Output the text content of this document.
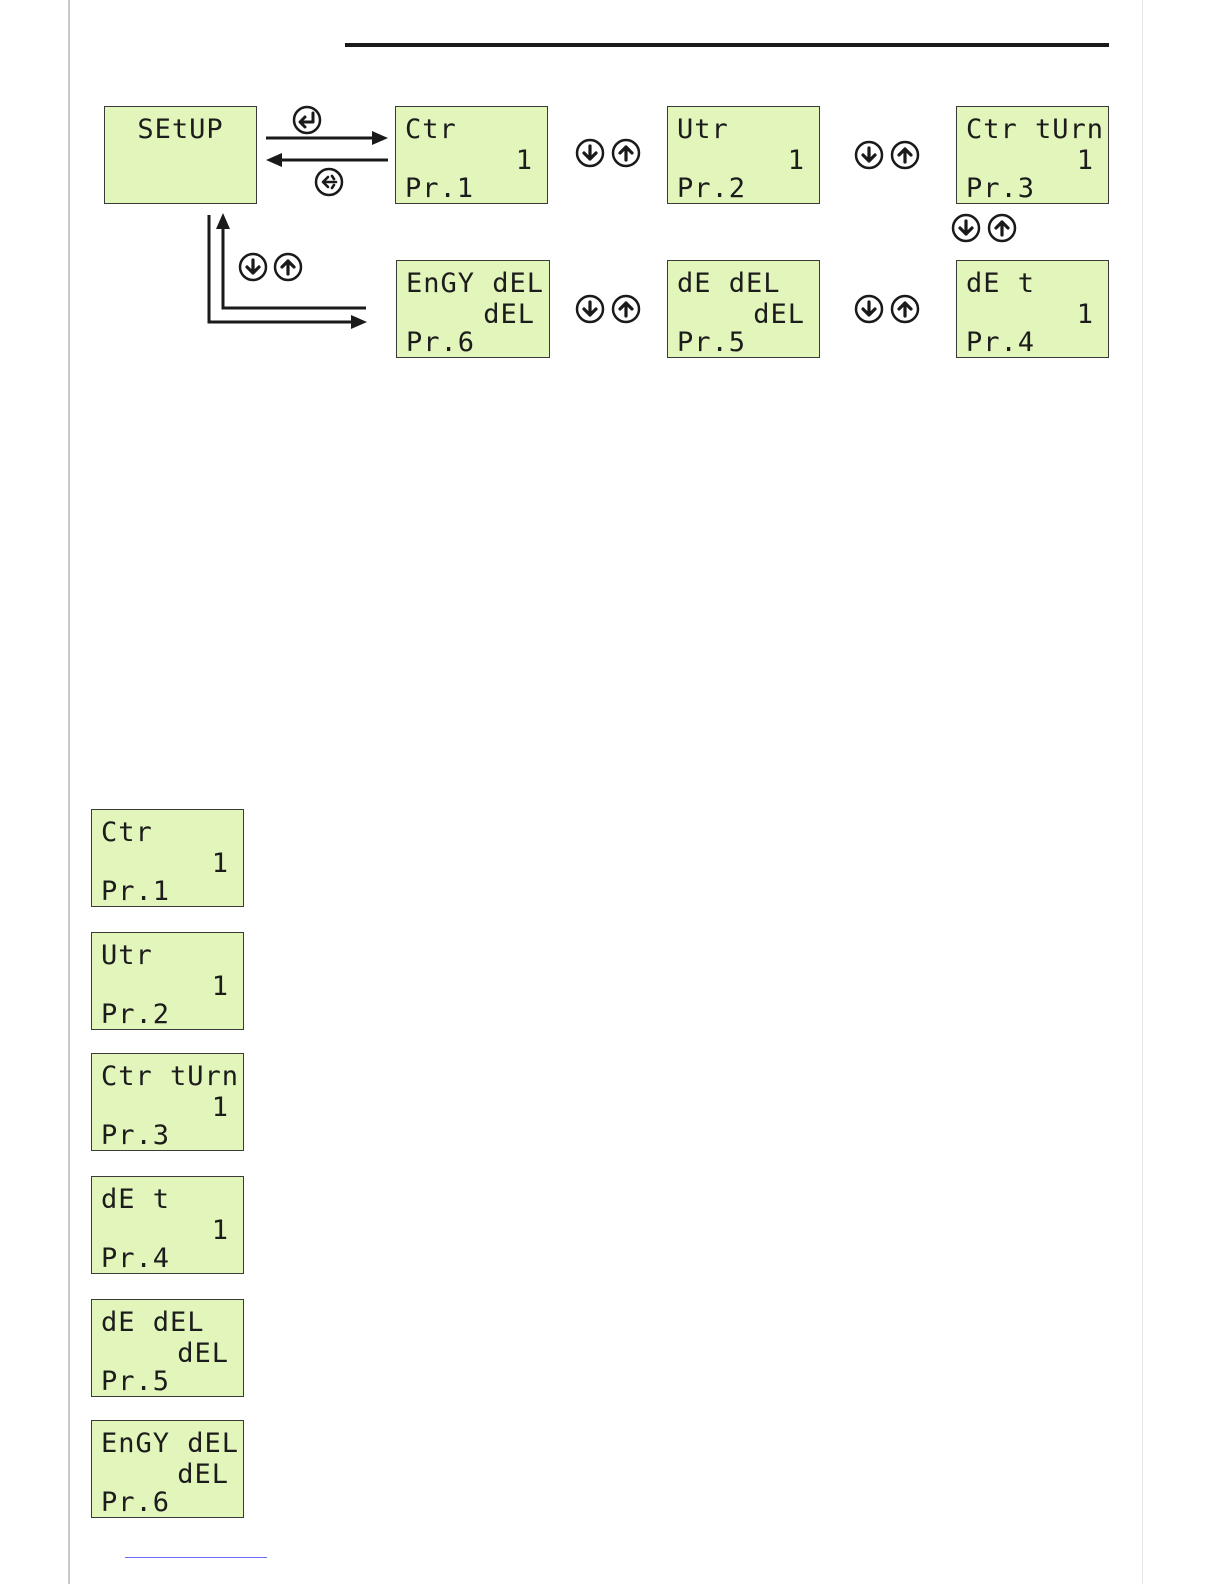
SEtUP	Ctr
1
Pr.1
Utr
1
Pr.2
Ctr tUrn
1
Pr.3
dE t
1
Pr.4
dE dEL
dEL
Pr.5
EnGY dEL
dEL
Pr.6
Ctr
1
Pr.1
Utr
1
Pr.2
Ctr tUrn
1
Pr.3
dE t
1
Pr.4
dE dEL
dEL
Pr.5
EnGY dEL
dEL
Pr.6
